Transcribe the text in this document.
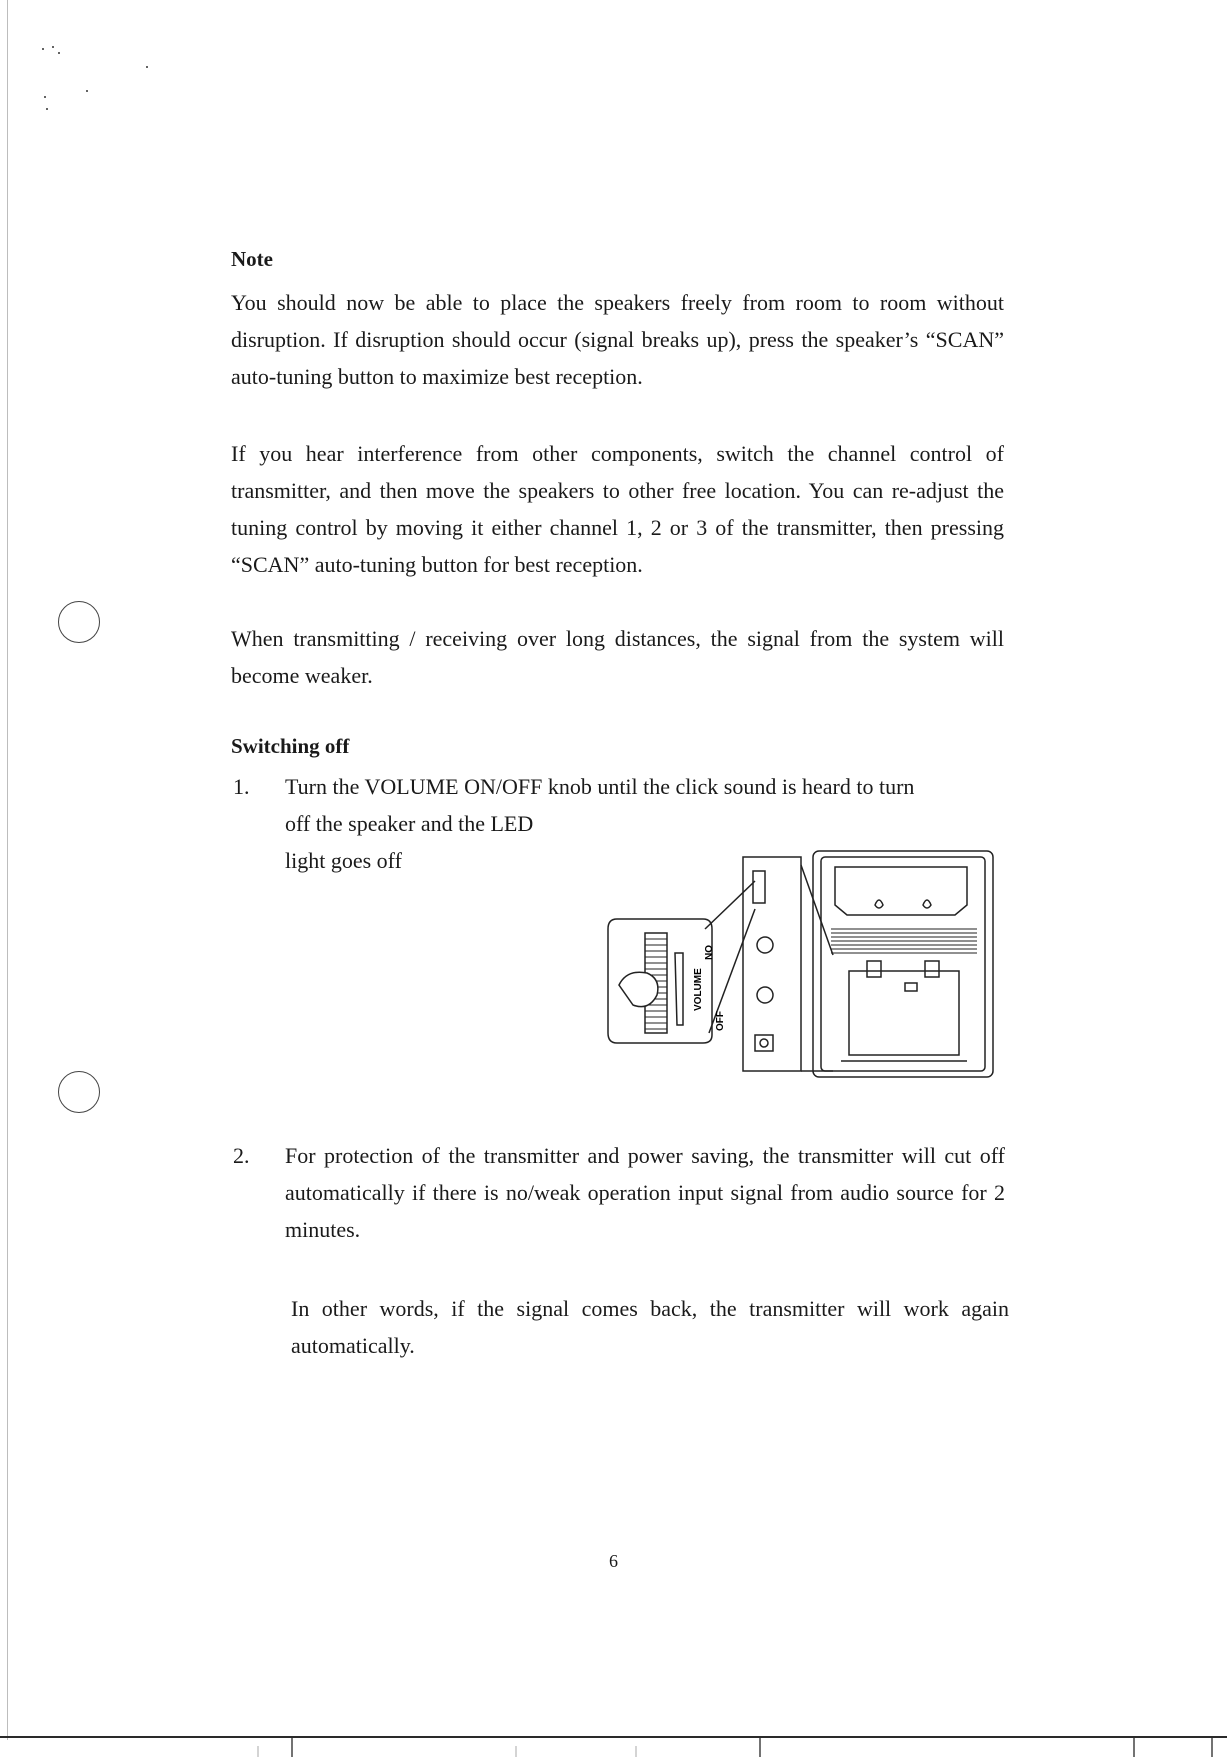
Note

You should now be able to place the speakers freely from room to room without disruption. If disruption should occur (signal breaks up), press the speaker’s “SCAN” auto-tuning button to maximize best reception.

If you hear interference from other components, switch the channel control of transmitter, and then move the speakers to other free location. You can re-adjust the tuning control by moving it either channel 1, 2 or 3 of the transmitter, then pressing “SCAN” auto-tuning button for best reception.

When transmitting / receiving over long distances, the signal from the system will become weaker.

Switching off

1. Turn the VOLUME ON/OFF knob until the click sound is heard to turn
off the speaker and the LED
light goes off

OFF
VOLUME
ON

2. For protection of the transmitter and power saving, the transmitter will cut off automatically if there is no/weak operation input signal from audio source for 2 minutes.

In other words, if the signal comes back, the transmitter will work again automatically.

6
